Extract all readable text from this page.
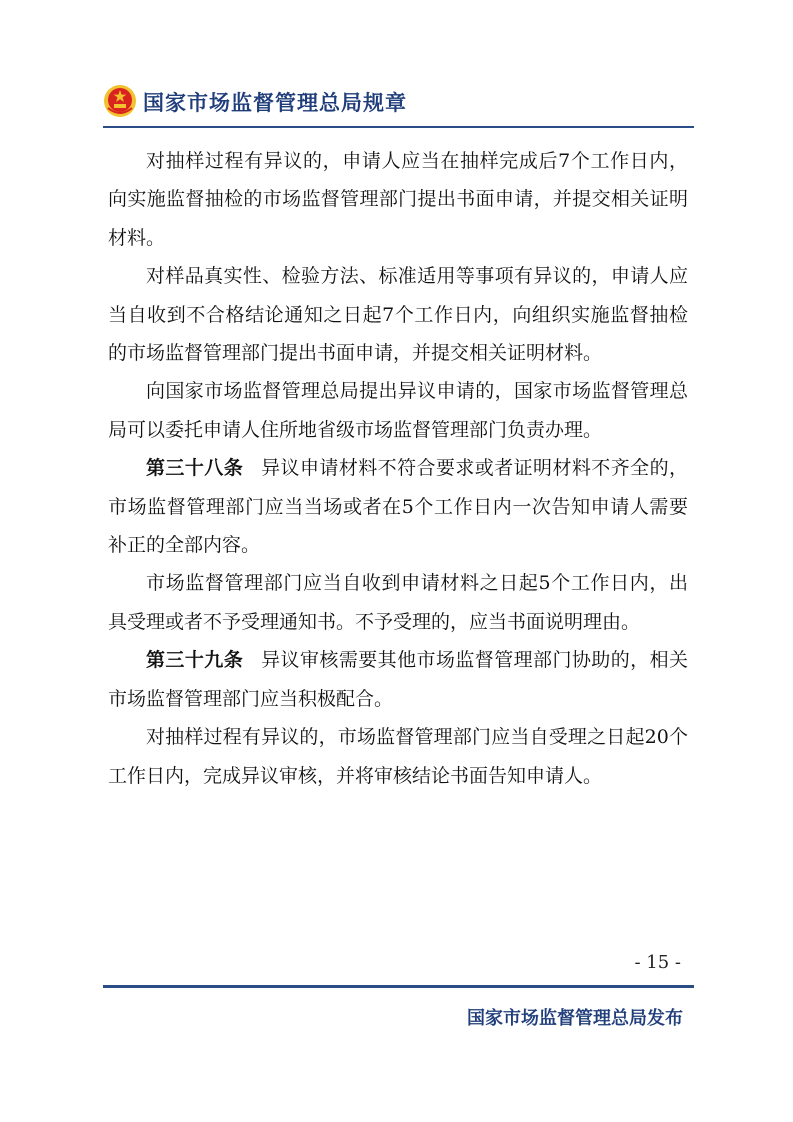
国家市场监督管理总局规章

对抽样过程有异议的，申请人应当在抽样完成后7个工作日内，向实施监督抽检的市场监督管理部门提出书面申请，并提交相关证明材料。

对样品真实性、检验方法、标准适用等事项有异议的，申请人应当自收到不合格结论通知之日起7个工作日内，向组织实施监督抽检的市场监督管理部门提出书面申请，并提交相关证明材料。

向国家市场监督管理总局提出异议申请的，国家市场监督管理总局可以委托申请人住所地省级市场监督管理部门负责办理。

第三十八条 异议申请材料不符合要求或者证明材料不齐全的，市场监督管理部门应当当场或者在5个工作日内一次告知申请人需要补正的全部内容。

市场监督管理部门应当自收到申请材料之日起5个工作日内，出具受理或者不予受理通知书。不予受理的，应当书面说明理由。

第三十九条 异议审核需要其他市场监督管理部门协助的，相关市场监督管理部门应当积极配合。

对抽样过程有异议的，市场监督管理部门应当自受理之日起20个工作日内，完成异议审核，并将审核结论书面告知申请人。

- 15 -
国家市场监督管理总局发布
